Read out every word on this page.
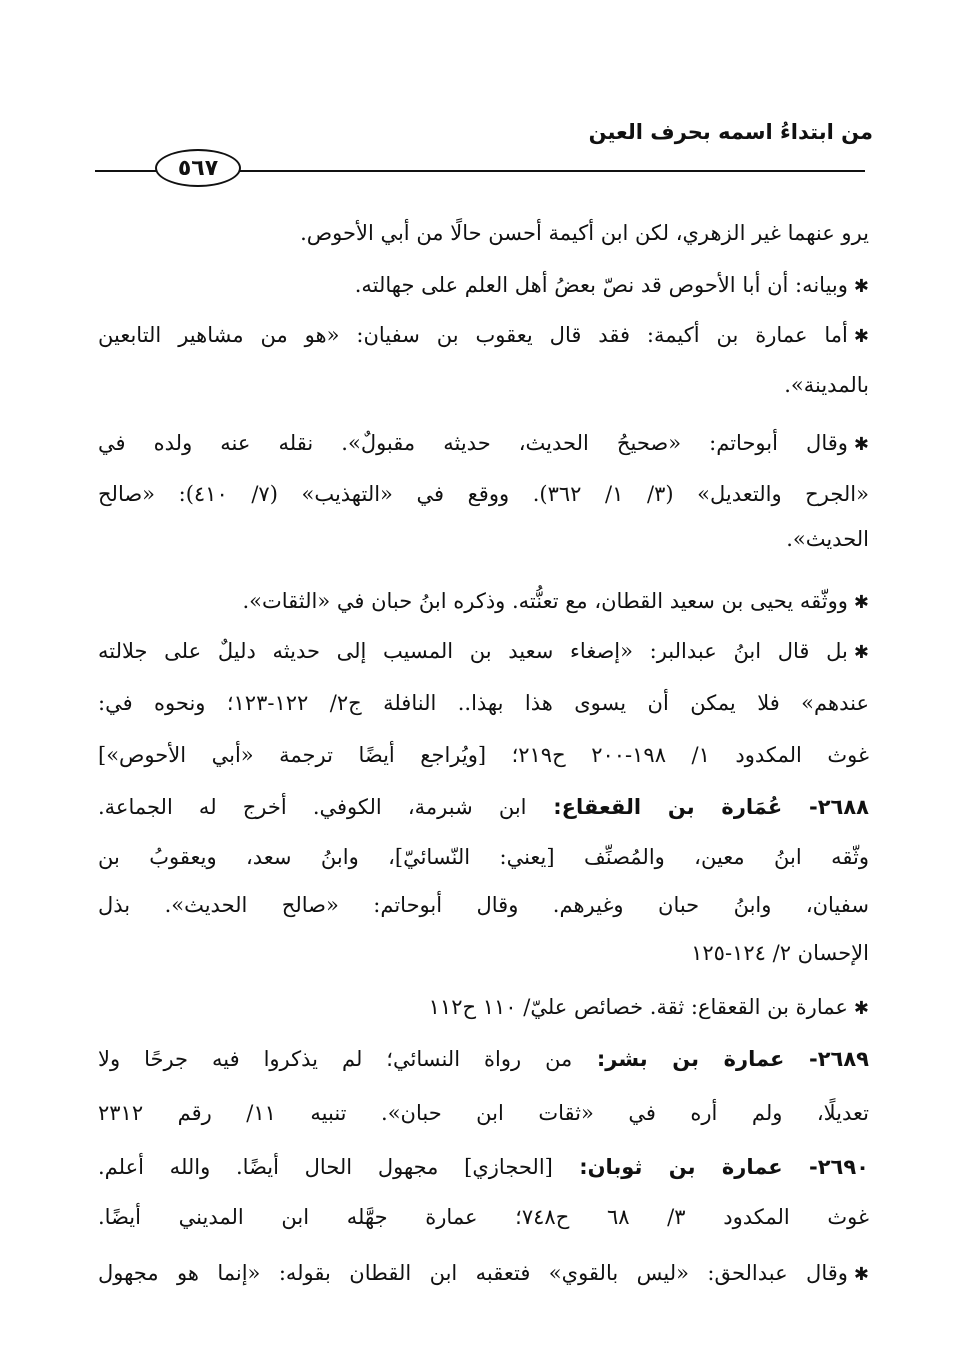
من ابتداءُ اسمه بحرف العين
٥٦٧
يرو عنهما غير الزهري، لكن ابن أكيمة أحسن حالًا من أبي الأحوص.
✱وبيانه: أن أبا الأحوص قد نصّ بعضُ أهل العلم على جهالته.
✱أما عمارة بن أكيمة: فقد قال يعقوب بن سفيان: «هو من مشاهير التابعين
بالمدينة».
✱وقال أبوحاتم: «صحيحُ الحديث، حديثه مقبولٌ». نقله عنه ولده في
«الجرح والتعديل» (٣/ ١/ ٣٦٢). ووقع في «التهذيب» (٧/ ٤١٠): «صالح
الحديث».
✱ووثّقه يحيى بن سعيد القطان، مع تعنُّته. وذكره ابنُ حبان في «الثقات».
✱بل قال ابنُ عبدالبر: «إصغاء سعيد بن المسيب إلى حديثه دليلٌ على جلالته
عندهم» فلا يمكن أن يسوى هذا بهذا.. النافلة ج٢/ ١٢٢-١٢٣؛ ونحوه في:
غوث المكدود ١/ ١٩٨-٢٠٠ ح٢١٩؛ [ويُراجع أيضًا ترجمة «أبي الأحوص»]
٢٦٨٨- عُمَارة بن القعقاع: ابن شبرمة، الكوفي. أخرج له الجماعة.
وثّقه ابنُ معين، والمُصنِّف [يعني: النّسائيّ]، وابنُ سعد، ويعقوبُ بن
سفيان، وابنُ حبان وغيرهم. وقال أبوحاتم: «صالح الحديث». بذل
الإحسان ٢/ ١٢٤-١٢٥
✱عمارة بن القعقاع: ثقة. خصائص عليّ/ ١١٠ ح١١٢
٢٦٨٩- عمارة بن بشر: من رواة النسائي؛ لم يذكروا فيه جرحًا ولا
تعديلًا، ولم أره في «ثقات ابن حبان». تنبيه ١١/ رقم ٢٣١٢
٢٦٩٠- عمارة بن ثوبان: [الحجازي] مجهول الحال أيضًا. والله أعلم.
غوث المكدود ٣/ ٦٨ ح٧٤٨؛ عمارة جهَّله ابن المديني أيضًا.
✱وقال عبدالحق: «ليس بالقوي» فتعقبه ابن القطان بقوله: «إنما هو مجهول
